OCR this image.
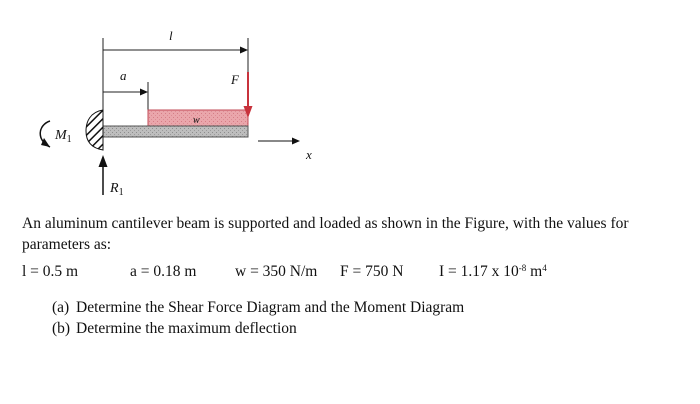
l
a
w
F
$M_1$
$R_1$
x
An aluminum cantilever beam is supported and loaded as shown in the Figure, with the values for parameters as:
l = 0.5 m	a = 0.18 m w = 350 N/m F = 750 N I = 1.17 x $10^{-8}$ $m^4$
(a) Determine the Shear Force Diagram and the Moment Diagram
(b) Determine the maximum deflection
